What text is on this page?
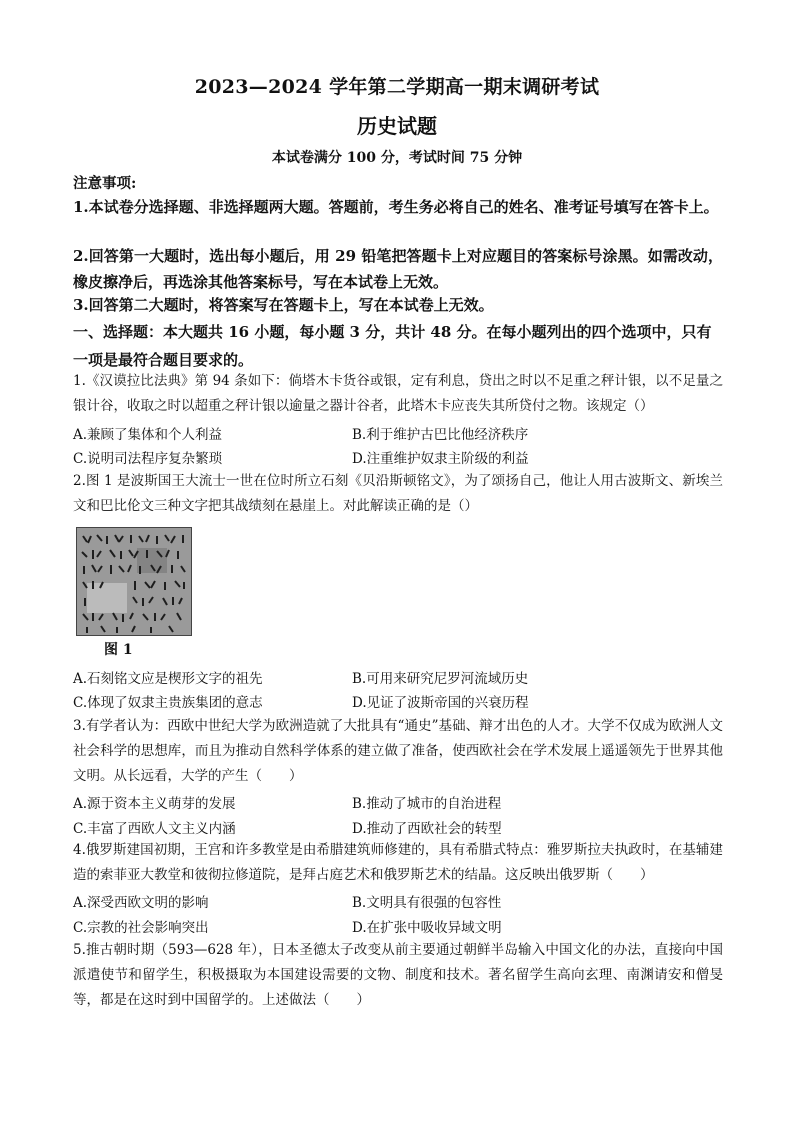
2023—2024 学年第二学期高一期末调研考试
历史试题
本试卷满分 100 分，考试时间 75 分钟
注意事项:
1.本试卷分选择题、非选择题两大题。答题前，考生务必将自己的姓名、准考证号填写在答卡上。
2.回答第一大题时，选出每小题后，用 29 铅笔把答题卡上对应题目的答案标号涂黑。如需改动，橡皮擦净后，再选涂其他答案标号，写在本试卷上无效。
3.回答第二大题时，将答案写在答题卡上，写在本试卷上无效。
一、选择题：本大题共 16 小题，每小题 3 分，共计 48 分。在每小题列出的四个选项中，只有一项是最符合题目要求的。
1.《汉谟拉比法典》第 94 条如下：倘塔木卡货谷或银，定有利息，贷出之时以不足重之秤计银，以不足量之银计谷，收取之时以超重之秤计银以逾量之器计谷者，此塔木卡应丧失其所贷付之物。该规定（）
A.兼顾了集体和个人利益	B.利于维护古巴比他经济秩序
C.说明司法程序复杂繁琐	D.注重维护奴隶主阶级的利益
2.图 1 是波斯国王大流士一世在位时所立石刻《贝沿斯顿铭文》，为了颂扬自己，他让人用古波斯文、新埃兰文和巴比伦文三种文字把其战绩刻在悬崖上。对此解读正确的是（）
图 1
A.石刻铭文应是楔形文字的祖先	B.可用来研究尼罗河流域历史
C.体现了奴隶主贵族集团的意志	D.见证了波斯帝国的兴衰历程
3.有学者认为：西欧中世纪大学为欧洲造就了大批具有“通史”基础、辩才出色的人才。大学不仅成为欧洲人文社会科学的思想库，而且为推动自然科学体系的建立做了准备，使西欧社会在学术发展上遥遥领先于世界其他文明。从长远看，大学的产生（　　）
A.源于资本主义萌芽的发展	B.推动了城市的自治进程
C.丰富了西欧人文主义内涵	D.推动了西欧社会的转型
4.俄罗斯建国初期，王宫和许多教堂是由希腊建筑师修建的，具有希腊式特点：雅罗斯拉夫执政时，在基辅建造的索菲亚大教堂和彼彻拉修道院，是拜占庭艺术和俄罗斯艺术的结晶。这反映出俄罗斯（　　）
A.深受西欧文明的影响	B.文明具有很强的包容性
C.宗教的社会影响突出	D.在扩张中吸收异域文明
5.推古朝时期（593—628 年），日本圣德太子改变从前主要通过朝鲜半岛输入中国文化的办法，直接向中国派遣使节和留学生，积极摄取为本国建设需要的文物、制度和技术。著名留学生高向玄理、南渊请安和僧旻等，都是在这时到中国留学的。上述做法（　　）
